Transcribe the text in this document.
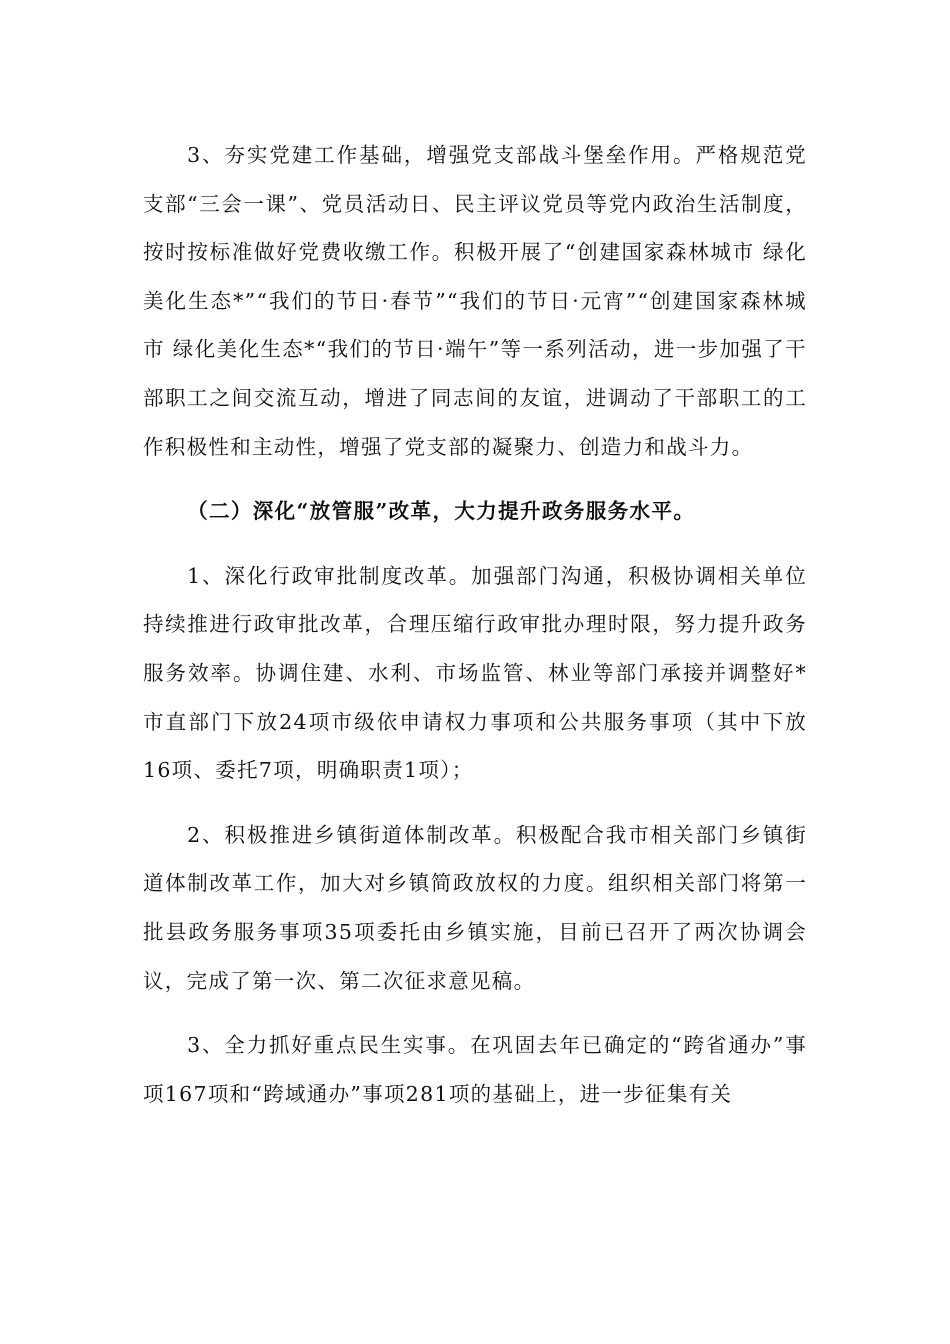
3、夯实党建工作基础，增强党支部战斗堡垒作用。严格规范党支部“三会一课”、党员活动日、民主评议党员等党内政治生活制度，按时按标准做好党费收缴工作。积极开展了“创建国家森林城市 绿化美化生态*”“我们的节日·春节”“我们的节日·元宵”“创建国家森林城市 绿化美化生态*“我们的节日·端午”等一系列活动，进一步加强了干部职工之间交流互动，增进了同志间的友谊，进调动了干部职工的工作积极性和主动性，增强了党支部的凝聚力、创造力和战斗力。

（二）深化“放管服”改革，大力提升政务服务水平。

1、深化行政审批制度改革。加强部门沟通，积极协调相关单位持续推进行政审批改革，合理压缩行政审批办理时限，努力提升政务服务效率。协调住建、水利、市场监管、林业等部门承接并调整好*市直部门下放24项市级依申请权力事项和公共服务事项（其中下放16项、委托7项，明确职责1项）；

2、积极推进乡镇街道体制改革。积极配合我市相关部门乡镇街道体制改革工作，加大对乡镇简政放权的力度。组织相关部门将第一批县政务服务事项35项委托由乡镇实施，目前已召开了两次协调会议，完成了第一次、第二次征求意见稿。

3、全力抓好重点民生实事。在巩固去年已确定的“跨省通办”事项167项和“跨域通办”事项281项的基础上，进一步征集有关
